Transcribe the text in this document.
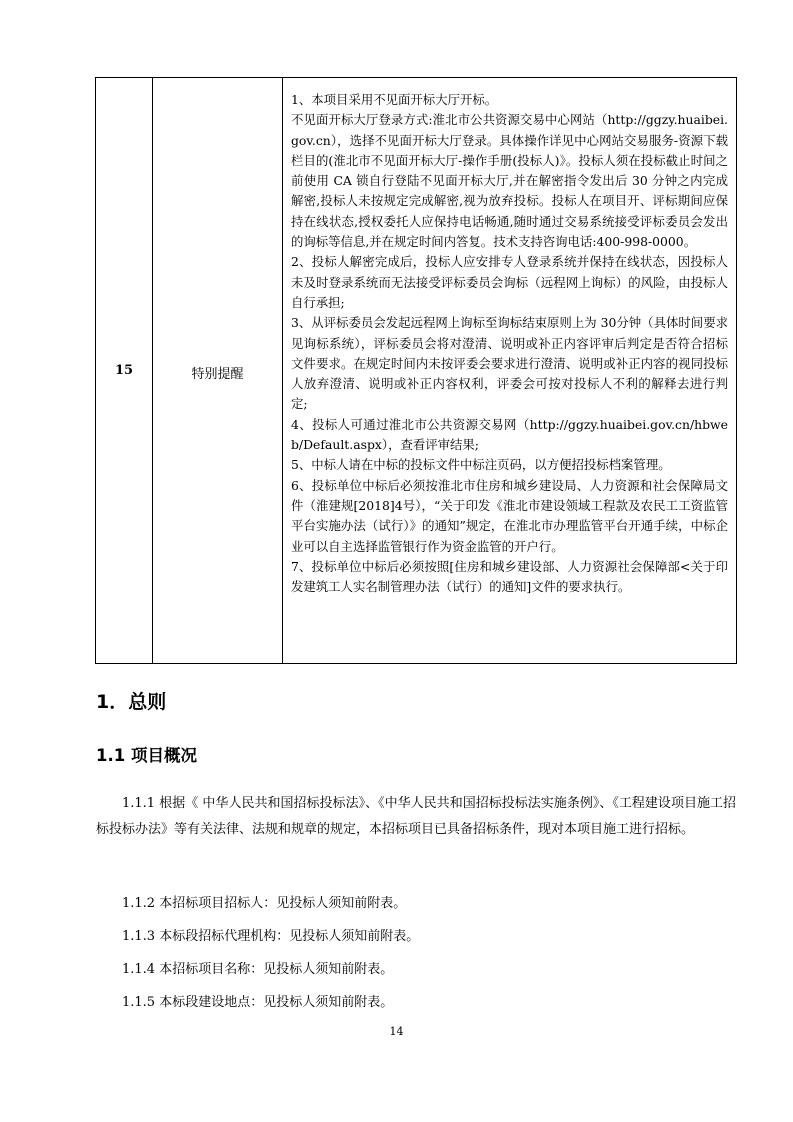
15	特别提醒

1、本项目采用不见面开标大厅开标。

不见面开标大厅登录方式:淮北市公共资源交易中心网站（http://ggzy.huaibei.gov.cn），选择不见面开标大厅登录。具体操作详见中心网站交易服务-资源下载栏目的(淮北市不见面开标大厅-操作手册(投标人)》。投标人须在投标截止时间之前使用 CA 锁自行登陆不见面开标大厅,并在解密指令发出后 30 分钟之内完成解密,投标人未按规定完成解密,视为放弃投标。投标人在项目开、评标期间应保持在线状态,授权委托人应保持电话畅通,随时通过交易系统接受评标委员会发出的询标等信息,并在规定时间内答复。技术支持咨询电话:400-998-0000。

2、投标人解密完成后，投标人应安排专人登录系统并保持在线状态，因投标人未及时登录系统而无法接受评标委员会询标（远程网上询标）的风险，由投标人自行承担;

3、从评标委员会发起远程网上询标至询标结束原则上为 30分钟（具体时间要求见询标系统），评标委员会将对澄清、说明或补正内容评审后判定是否符合招标文件要求。在规定时间内未按评委会要求进行澄清、说明或补正内容的视同投标人放弃澄清、说明或补正内容权利，评委会可按对投标人不利的解释去进行判定;

4、投标人可通过淮北市公共资源交易网（http://ggzy.huaibei.gov.cn/hbweb/Default.aspx），查看评审结果;

5、中标人请在中标的投标文件中标注页码，以方便招投标档案管理。

6、投标单位中标后必须按淮北市住房和城乡建设局、人力资源和社会保障局文件（淮建规[2018]4号），“关于印发《淮北市建设领域工程款及农民工工资监管平台实施办法（试行）》的通知”规定，在淮北市办理监管平台开通手续，中标企业可以自主选择监管银行作为资金监管的开户行。

7、投标单位中标后必须按照[住房和城乡建设部、人力资源社会保障部<关于印发建筑工人实名制管理办法（试行）的通知]文件的要求执行。

1．总则
1.1 项目概况
1.1.1 根据《 中华人民共和国招标投标法》、《中华人民共和国招标投标法实施条例》、《工程建设项目施工招标投标办法》等有关法律、法规和规章的规定，本招标项目已具备招标条件，现对本项目施工进行招标。
1.1.2 本招标项目招标人：见投标人须知前附表。
1.1.3 本标段招标代理机构：见投标人须知前附表。
1.1.4 本招标项目名称：见投标人须知前附表。
1.1.5 本标段建设地点：见投标人须知前附表。
14
